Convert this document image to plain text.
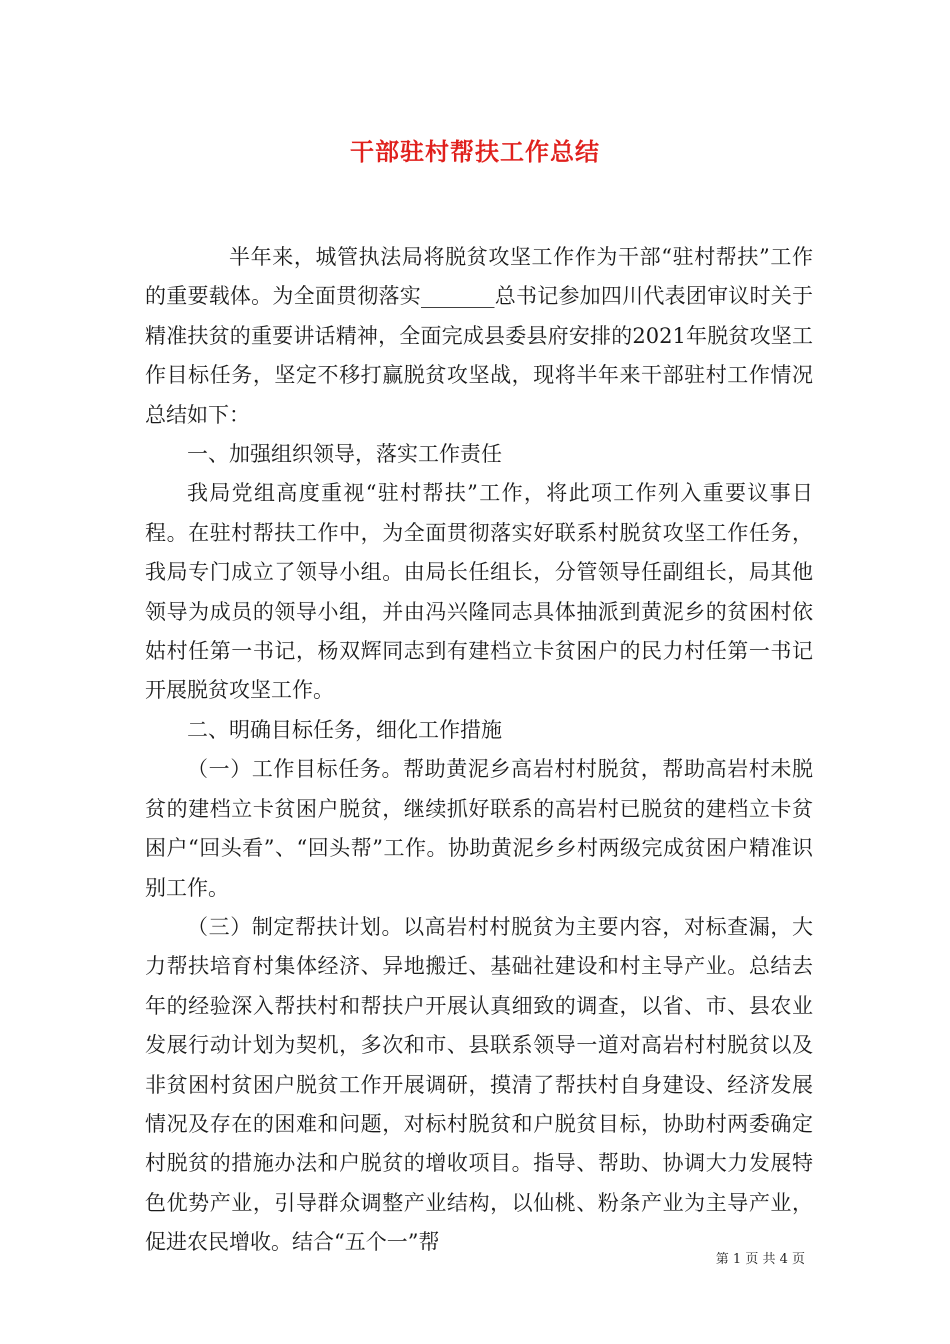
干部驻村帮扶工作总结

半年来，城管执法局将脱贫攻坚工作作为干部“驻村帮扶”工作的重要载体。为全面贯彻落实_______总书记参加四川代表团审议时关于精准扶贫的重要讲话精神，全面完成县委县府安排的2021年脱贫攻坚工作目标任务，坚定不移打赢脱贫攻坚战，现将半年来干部驻村工作情况总结如下：

一、加强组织领导，落实工作责任

我局党组高度重视“驻村帮扶”工作，将此项工作列入重要议事日程。在驻村帮扶工作中，为全面贯彻落实好联系村脱贫攻坚工作任务，我局专门成立了领导小组。由局长任组长，分管领导任副组长，局其他领导为成员的领导小组，并由冯兴隆同志具体抽派到黄泥乡的贫困村依姑村任第一书记，杨双辉同志到有建档立卡贫困户的民力村任第一书记开展脱贫攻坚工作。

二、明确目标任务，细化工作措施

（一）工作目标任务。帮助黄泥乡高岩村村脱贫，帮助高岩村未脱贫的建档立卡贫困户脱贫，继续抓好联系的高岩村已脱贫的建档立卡贫困户“回头看”、“回头帮”工作。协助黄泥乡乡村两级完成贫困户精准识别工作。

（三）制定帮扶计划。以高岩村村脱贫为主要内容，对标查漏，大力帮扶培育村集体经济、异地搬迁、基础社建设和村主导产业。总结去年的经验深入帮扶村和帮扶户开展认真细致的调查，以省、市、县农业发展行动计划为契机，多次和市、县联系领导一道对高岩村村脱贫以及非贫困村贫困户脱贫工作开展调研，摸清了帮扶村自身建设、经济发展情况及存在的困难和问题，对标村脱贫和户脱贫目标，协助村两委确定村脱贫的措施办法和户脱贫的增收项目。指导、帮助、协调大力发展特色优势产业，引导群众调整产业结构，以仙桃、粉条产业为主导产业，促进农民增收。结合“五个一”帮

第 1 页 共 4 页
